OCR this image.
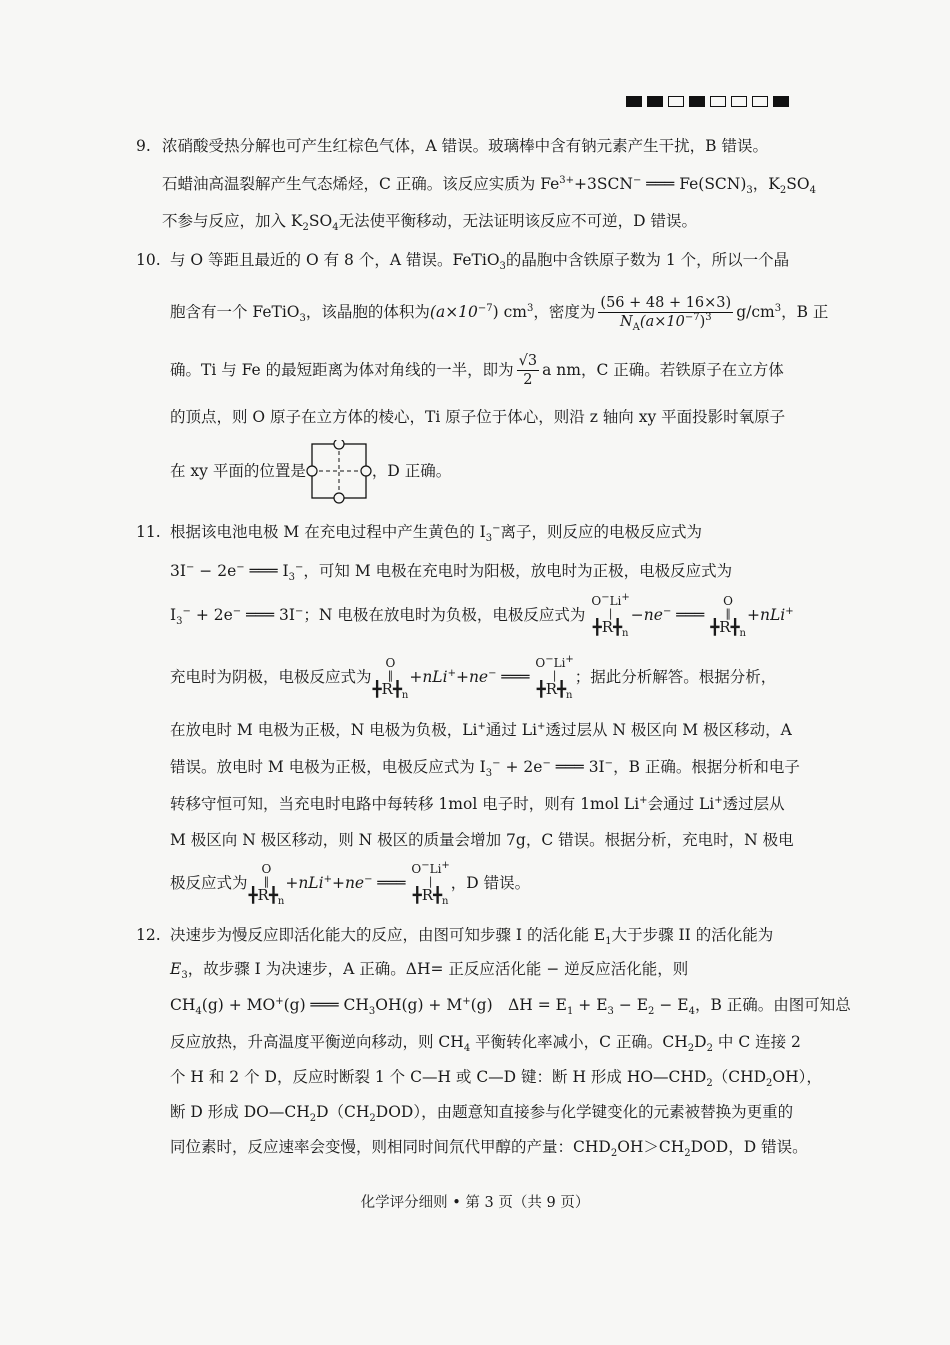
9. 浓硝酸受热分解也可产生红棕色气体，A 错误。玻璃棒中含有钠元素产生干扰，B 错误。
石蜡油高温裂解产生气态烯烃，C 正确。该反应实质为 $Fe^{3+}+3SCN^-$ ═══ $Fe(SCN)_3$，$K_2SO_4$
不参与反应，加入 $K_2SO_4$无法使平衡移动，无法证明该反应不可逆，D 错误。
10. 与 O 等距且最近的 O 有 8 个，A 错误。FeTiO$_3$的晶胞中含铁原子数为 1 个，所以一个晶
胞含有一个 FeTiO$_3$，该晶胞的体积为$(a\times 10^{-7})$ $cm^3$，密度为 $\frac{(56 + 48 + 16\times 3)}{N_A(a\times 10^{-7})^3} g/cm^3$，B 正
确。Ti 与 Fe 的最短距离为体对角线的一半，即为 $\frac{√3}{2}$ a nm，C 正确。若铁原子在立方体
的顶点，则 O 原子在立方体的棱心，Ti 原子位于体心，则沿 z 轴向 xy 平面投影时氧原子
在 xy 平面的位置是	，D 正确。
11. 根据该电池电极 M 在充电过程中产生黄色的 $I_3^-$离子，则反应的电极反应式为
3I− − 2e− ═══ $I_3^-$，可知 M 电极在充电时为阳极，放电时为正极，电极反应式为
$I_3^- + 2e^-$ ═══ 3I−；N 电极在放电时为负极，电极反应式为
O−Li+
|
$╋R╋_n$
−ne− ═══
O
‖
$╋R╋_n$
+nLi+
充电时为阴极，电极反应式为
O
‖
$╋R╋_n$
+nLi++ne− ═══
O−Li+
|
$╋R╋_n$
；据此分析解答。根据分析，
在放电时 M 电极为正极，N 电极为负极，Li+通过 Li+透过层从 N 极区向 M 极区移动，A
错误。放电时 M 电极为正极，电极反应式为 $I_3^- + 2e^-$ ═══ 3I−，B 正确。根据分析和电子
转移守恒可知，当充电时电路中每转移 1mol 电子时，则有 1mol Li+会通过 Li+透过层从
M 极区向 N 极区移动，则 N 极区的质量会增加 7g，C 错误。根据分析，充电时，N 极电
极反应式为
O
‖
$╋R╋_n$
+nLi++ne− ═══
O−Li+
|
$╋R╋_n$
，D 错误。
12. 决速步为慢反应即活化能大的反应，由图可知步骤 I 的活化能 $E_1$大于步骤 II 的活化能为
$E_3$，故步骤 I 为决速步，A 正确。ΔH= 正反应活化能 − 逆反应活化能，则
$CH_4(g) + MO^+(g)$ ═══ $CH_3OH(g) + M^+(g)$　$\Delta H = E_1 + E_3 - E_2 - E_4$，B 正确。由图可知总
反应放热，升高温度平衡逆向移动，则 $CH_4$ 平衡转化率减小，C 正确。$CH_2D_2$ 中 C 连接 2
个 H 和 2 个 D，反应时断裂 1 个 C—H 或 C—D 键：断 H 形成 $HO—CHD_2(CHD_2OH)$，
断 D 形成 $DO—CH_2D(CH_2DOD)$，由题意知直接参与化学键变化的元素被替换为更重的
同位素时，反应速率会变慢，则相同时间氘代甲醇的产量：$CHD_2OH>CH_2DOD$，D 错误。
化学评分细则 • 第 3 页（共 9 页）
